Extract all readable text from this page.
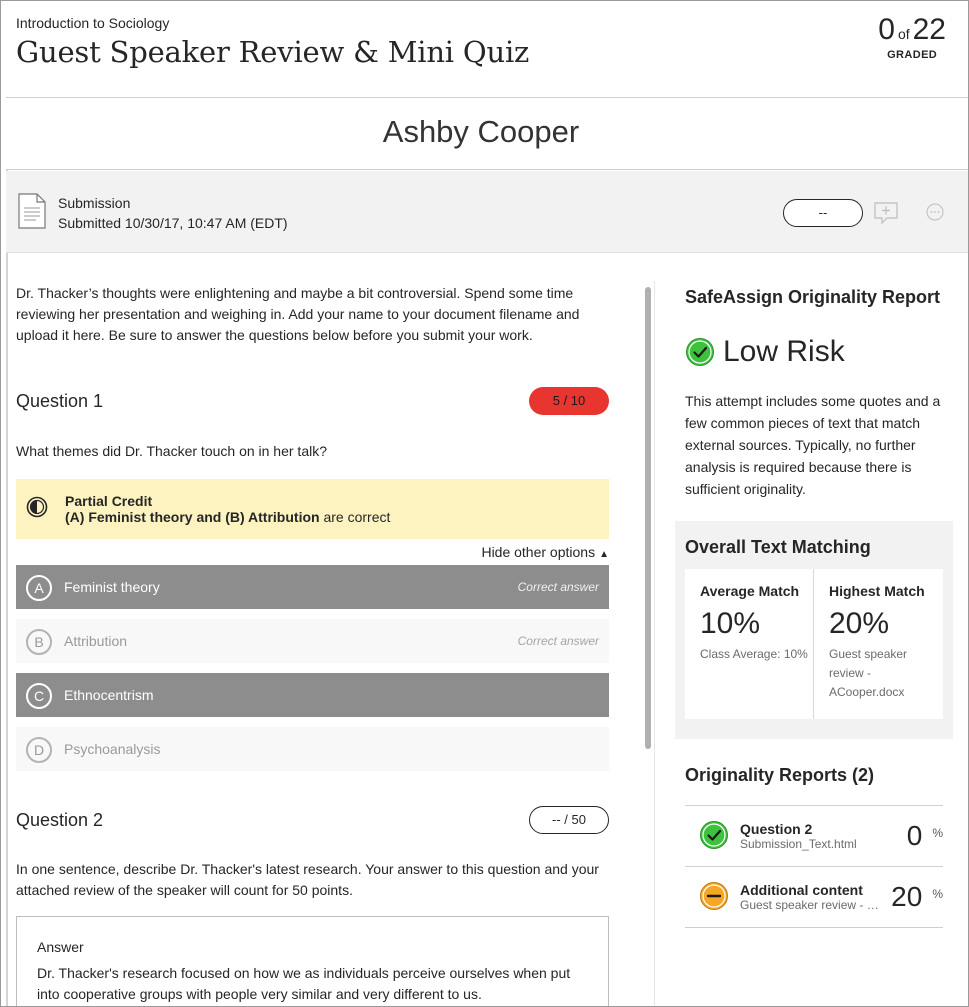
Introduction to Sociology
Guest Speaker Review & Mini Quiz
0 of 22
GRADED
Ashby Cooper
Submission
Submitted 10/30/17, 10:47 AM (EDT)
--
Dr. Thacker’s thoughts were enlightening and maybe a bit controversial. Spend some time reviewing her presentation and weighing in. Add your name to your document filename and upload it here. Be sure to answer the questions below before you submit your work.
Question 1	5 / 10
What themes did Dr. Thacker touch on in her talk?
Partial Credit
(A) Feminist theory and (B) Attribution are correct
Hide other options ▲
A	Feminist theory	Correct answer
B	Attribution	Correct answer
C	Ethnocentrism
D	Psychoanalysis
Question 2	-- / 50
In one sentence, describe Dr. Thacker's latest research. Your answer to this question and your attached review of the speaker will count for 50 points.
Answer
Dr. Thacker's research focused on how we as individuals perceive ourselves when put into cooperative groups with people very similar and very different to us.
SafeAssign Originality Report
Low Risk
This attempt includes some quotes and a few common pieces of text that match external sources. Typically, no further analysis is required because there is sufficient originality.
Overall Text Matching
Average Match
10%
Class Average: 10%
Highest Match
20%
Guest speaker review - ACooper.docx
Originality Reports (2)
Question 2
Submission_Text.html	0 %
Additional content
Guest speaker review - … 20 %
